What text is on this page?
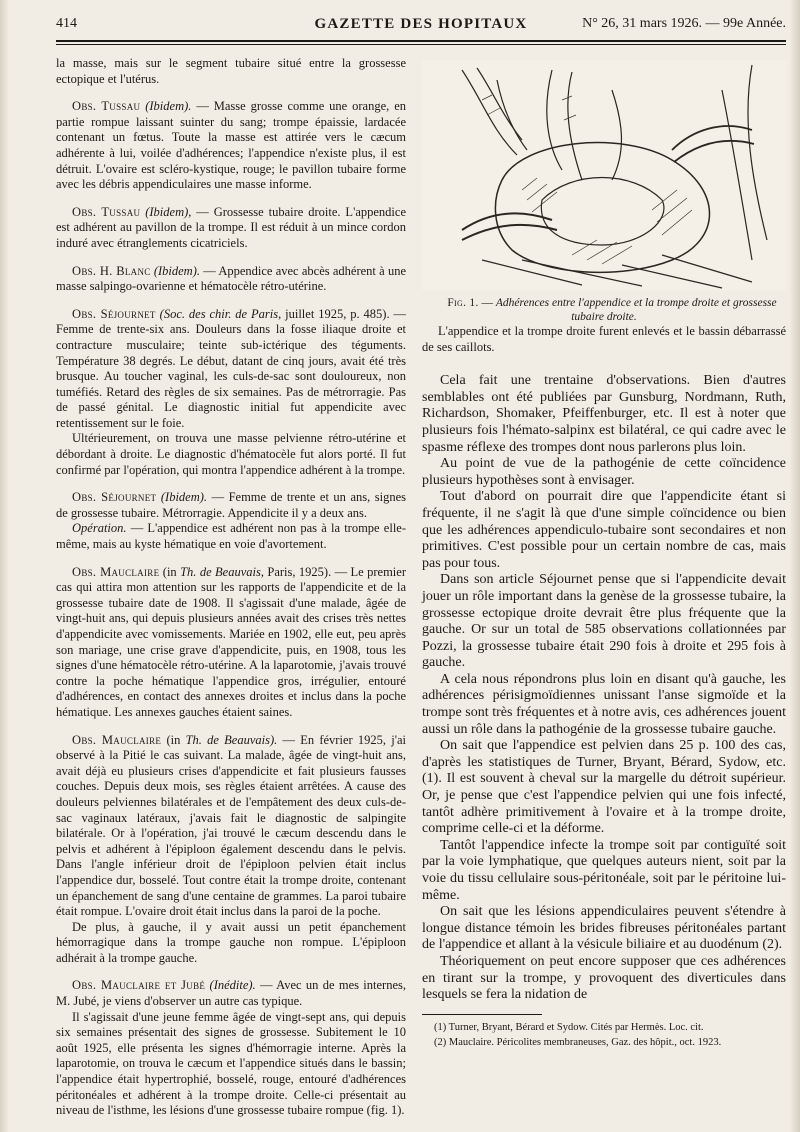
414	GAZETTE DES HOPITAUX	N° 26, 31 mars 1926. — 99e Année.

la masse, mais sur le segment tubaire situé entre la grossesse ectopique et l'utérus.

Obs. Tussau (Ibidem). — Masse grosse comme une orange, en partie rompue laissant suinter du sang; trompe épaissie, lardacée contenant un fœtus. Toute la masse est attirée vers le cæcum adhérente à lui, voilée d'adhérences; l'appendice n'existe plus, il est détruit. L'ovaire est scléro-kystique, rouge; le pavillon tubaire forme avec les débris appendiculaires une masse informe.

Obs. Tussau (Ibidem), — Grossesse tubaire droite. L'appendice est adhérent au pavillon de la trompe. Il est réduit à un mince cordon induré avec étranglements cicatriciels.

Obs. H. Blanc (Ibidem). — Appendice avec abcès adhérent à une masse salpingo-ovarienne et hématocèle rétro-utérine.

Obs. Séjournet (Soc. des chir. de Paris, juillet 1925, p. 485). — Femme de trente-six ans. Douleurs dans la fosse iliaque droite et contracture musculaire; teinte sub-ictérique des téguments. Température 38 degrés. Le début, datant de cinq jours, avait été très brusque. Au toucher vaginal, les culs-de-sac sont douloureux, non tuméfiés. Retard des règles de six semaines. Pas de métrorragie. Pas de passé génital. Le diagnostic initial fut appendicite avec retentissement sur le foie.

Ultérieurement, on trouva une masse pelvienne rétro-utérine et débordant à droite. Le diagnostic d'hématocèle fut alors porté. Il fut confirmé par l'opération, qui montra l'appendice adhérent à la trompe.

Obs. Séjournet (Ibidem). — Femme de trente et un ans, signes de grossesse tubaire. Métrorragie. Appendicite il y a deux ans.

Opération. — L'appendice est adhérent non pas à la trompe elle-même, mais au kyste hématique en voie d'avortement.

Obs. Mauclaire (in Th. de Beauvais, Paris, 1925). — Le premier cas qui attira mon attention sur les rapports de l'appendicite et de la grossesse tubaire date de 1908. Il s'agissait d'une malade, âgée de vingt-huit ans, qui depuis plusieurs années avait des crises très nettes d'appendicite avec vomissements. Mariée en 1902, elle eut, peu après son mariage, une crise grave d'appendicite, puis, en 1908, tous les signes d'une hématocèle rétro-utérine. A la laparotomie, j'avais trouvé contre la poche hématique l'appendice gros, irrégulier, entouré d'adhérences, en contact des annexes droites et inclus dans la poche hématique. Les annexes gauches étaient saines.

Obs. Mauclaire (in Th. de Beauvais). — En février 1925, j'ai observé à la Pitié le cas suivant. La malade, âgée de vingt-huit ans, avait déjà eu plusieurs crises d'appendicite et fait plusieurs fausses couches. Depuis deux mois, ses règles étaient arrêtées. A cause des douleurs pelviennes bilatérales et de l'empâtement des deux culs-de-sac vaginaux latéraux, j'avais fait le diagnostic de salpingite bilatérale. Or à l'opération, j'ai trouvé le cæcum descendu dans le pelvis et adhérent à l'épiploon également descendu dans le pelvis. Dans l'angle inférieur droit de l'épiploon pelvien était inclus l'appendice dur, bosselé. Tout contre était la trompe droite, contenant un épanchement de sang d'une centaine de grammes. La paroi tubaire était rompue. L'ovaire droit était inclus dans la paroi de la poche.

De plus, à gauche, il y avait aussi un petit épanchement hémorragique dans la trompe gauche non rompue. L'épiploon adhérait à la trompe gauche.

Obs. Mauclaire et Jubé (Inédite). — Avec un de mes internes, M. Jubé, je viens d'observer un autre cas typique.

Il s'agissait d'une jeune femme âgée de vingt-sept ans, qui depuis six semaines présentait des signes de grossesse. Subitement le 10 août 1925, elle présenta les signes d'hémorragie interne. Après la laparotomie, on trouva le cæcum et l'appendice situés dans le bassin; l'appendice était hypertrophié, bosselé, rouge, entouré d'adhérences péritonéales et adhérent à la trompe droite. Celle-ci présentait au niveau de l'isthme, les lésions d'une grossesse tubaire rompue (fig. 1).

Fig. 1. — Adhérences entre l'appendice et la trompe droite et grossesse tubaire droite.

L'appendice et la trompe droite furent enlevés et le bassin débarrassé de ses caillots.

Cela fait une trentaine d'observations. Bien d'autres semblables ont été publiées par Gunsburg, Nordmann, Ruth, Richardson, Shomaker, Pfeiffenburger, etc. Il est à noter que plusieurs fois l'hémato-salpinx est bilatéral, ce qui cadre avec le spasme réflexe des trompes dont nous parlerons plus loin.

Au point de vue de la pathogénie de cette coïncidence plusieurs hypothèses sont à envisager.

Tout d'abord on pourrait dire que l'appendicite étant si fréquente, il ne s'agit là que d'une simple coïncidence ou bien que les adhérences appendiculo-tubaire sont secondaires et non primitives. C'est possible pour un certain nombre de cas, mais pas pour tous.

Dans son article Séjournet pense que si l'appendicite devait jouer un rôle important dans la genèse de la grossesse tubaire, la grossesse ectopique droite devrait être plus fréquente que la gauche. Or sur un total de 585 observations collationnées par Pozzi, la grossesse tubaire était 290 fois à droite et 295 fois à gauche.

A cela nous répondrons plus loin en disant qu'à gauche, les adhérences périsigmoïdiennes unissant l'anse sigmoïde et la trompe sont très fréquentes et à notre avis, ces adhérences jouent aussi un rôle dans la pathogénie de la grossesse tubaire gauche.

On sait que l'appendice est pelvien dans 25 p. 100 des cas, d'après les statistiques de Turner, Bryant, Bérard, Sydow, etc. (1). Il est souvent à cheval sur la margelle du détroit supérieur. Or, je pense que c'est l'appendice pelvien qui une fois infecté, tantôt adhère primitivement à l'ovaire et à la trompe droite, comprime celle-ci et la déforme.

Tantôt l'appendice infecte la trompe soit par contiguïté soit par la voie lymphatique, que quelques auteurs nient, soit par la voie du tissu cellulaire sous-péritonéale, soit par le péritoine lui-même.

On sait que les lésions appendiculaires peuvent s'étendre à longue distance témoin les brides fibreuses péritonéales partant de l'appendice et allant à la vésicule biliaire et au duodénum (2).

Théoriquement on peut encore supposer que ces adhérences en tirant sur la trompe, y provoquent des diverticules dans lesquels se fera la nidation de

(1) Turner, Bryant, Bérard et Sydow. Cités par Hermès. Loc. cit.

(2) Mauclaire. Péricolites membraneuses, Gaz. des hôpit., oct. 1923.
